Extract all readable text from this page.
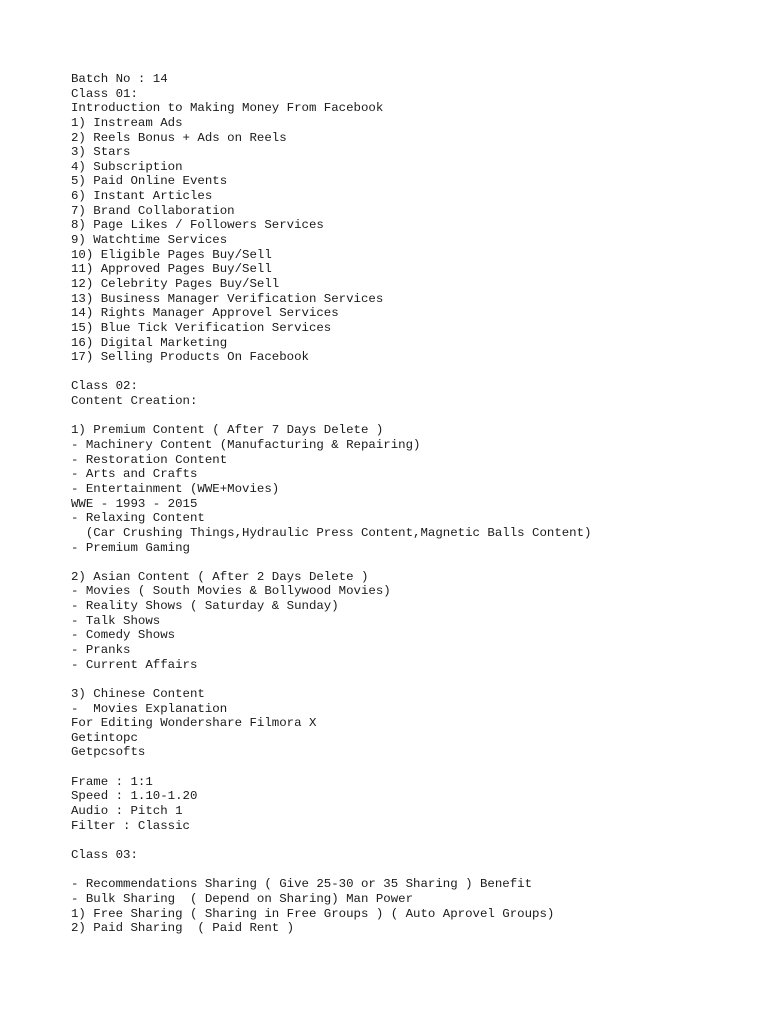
Batch No : 14
Class 01:
Introduction to Making Money From Facebook
1) Instream Ads
2) Reels Bonus + Ads on Reels
3) Stars
4) Subscription
5) Paid Online Events
6) Instant Articles
7) Brand Collaboration
8) Page Likes / Followers Services
9) Watchtime Services
10) Eligible Pages Buy/Sell
11) Approved Pages Buy/Sell
12) Celebrity Pages Buy/Sell
13) Business Manager Verification Services
14) Rights Manager Approvel Services
15) Blue Tick Verification Services
16) Digital Marketing
17) Selling Products On Facebook
Class 02:
Content Creation:
1) Premium Content ( After 7 Days Delete )
- Machinery Content (Manufacturing & Repairing)
- Restoration Content
- Arts and Crafts
- Entertainment (WWE+Movies)
WWE - 1993 - 2015
- Relaxing Content
(Car Crushing Things,Hydraulic Press Content,Magnetic Balls Content)
- Premium Gaming
2) Asian Content ( After 2 Days Delete )
- Movies ( South Movies & Bollywood Movies)
- Reality Shows ( Saturday & Sunday)
- Talk Shows
- Comedy Shows
- Pranks
- Current Affairs
3) Chinese Content
-  Movies Explanation
For Editing Wondershare Filmora X
Getintopc
Getpcsofts
Frame : 1:1
Speed : 1.10-1.20
Audio : Pitch 1
Filter : Classic
Class 03:
- Recommendations Sharing ( Give 25-30 or 35 Sharing ) Benefit
- Bulk Sharing  ( Depend on Sharing) Man Power
1) Free Sharing ( Sharing in Free Groups ) ( Auto Aprovel Groups)
2) Paid Sharing  ( Paid Rent )
